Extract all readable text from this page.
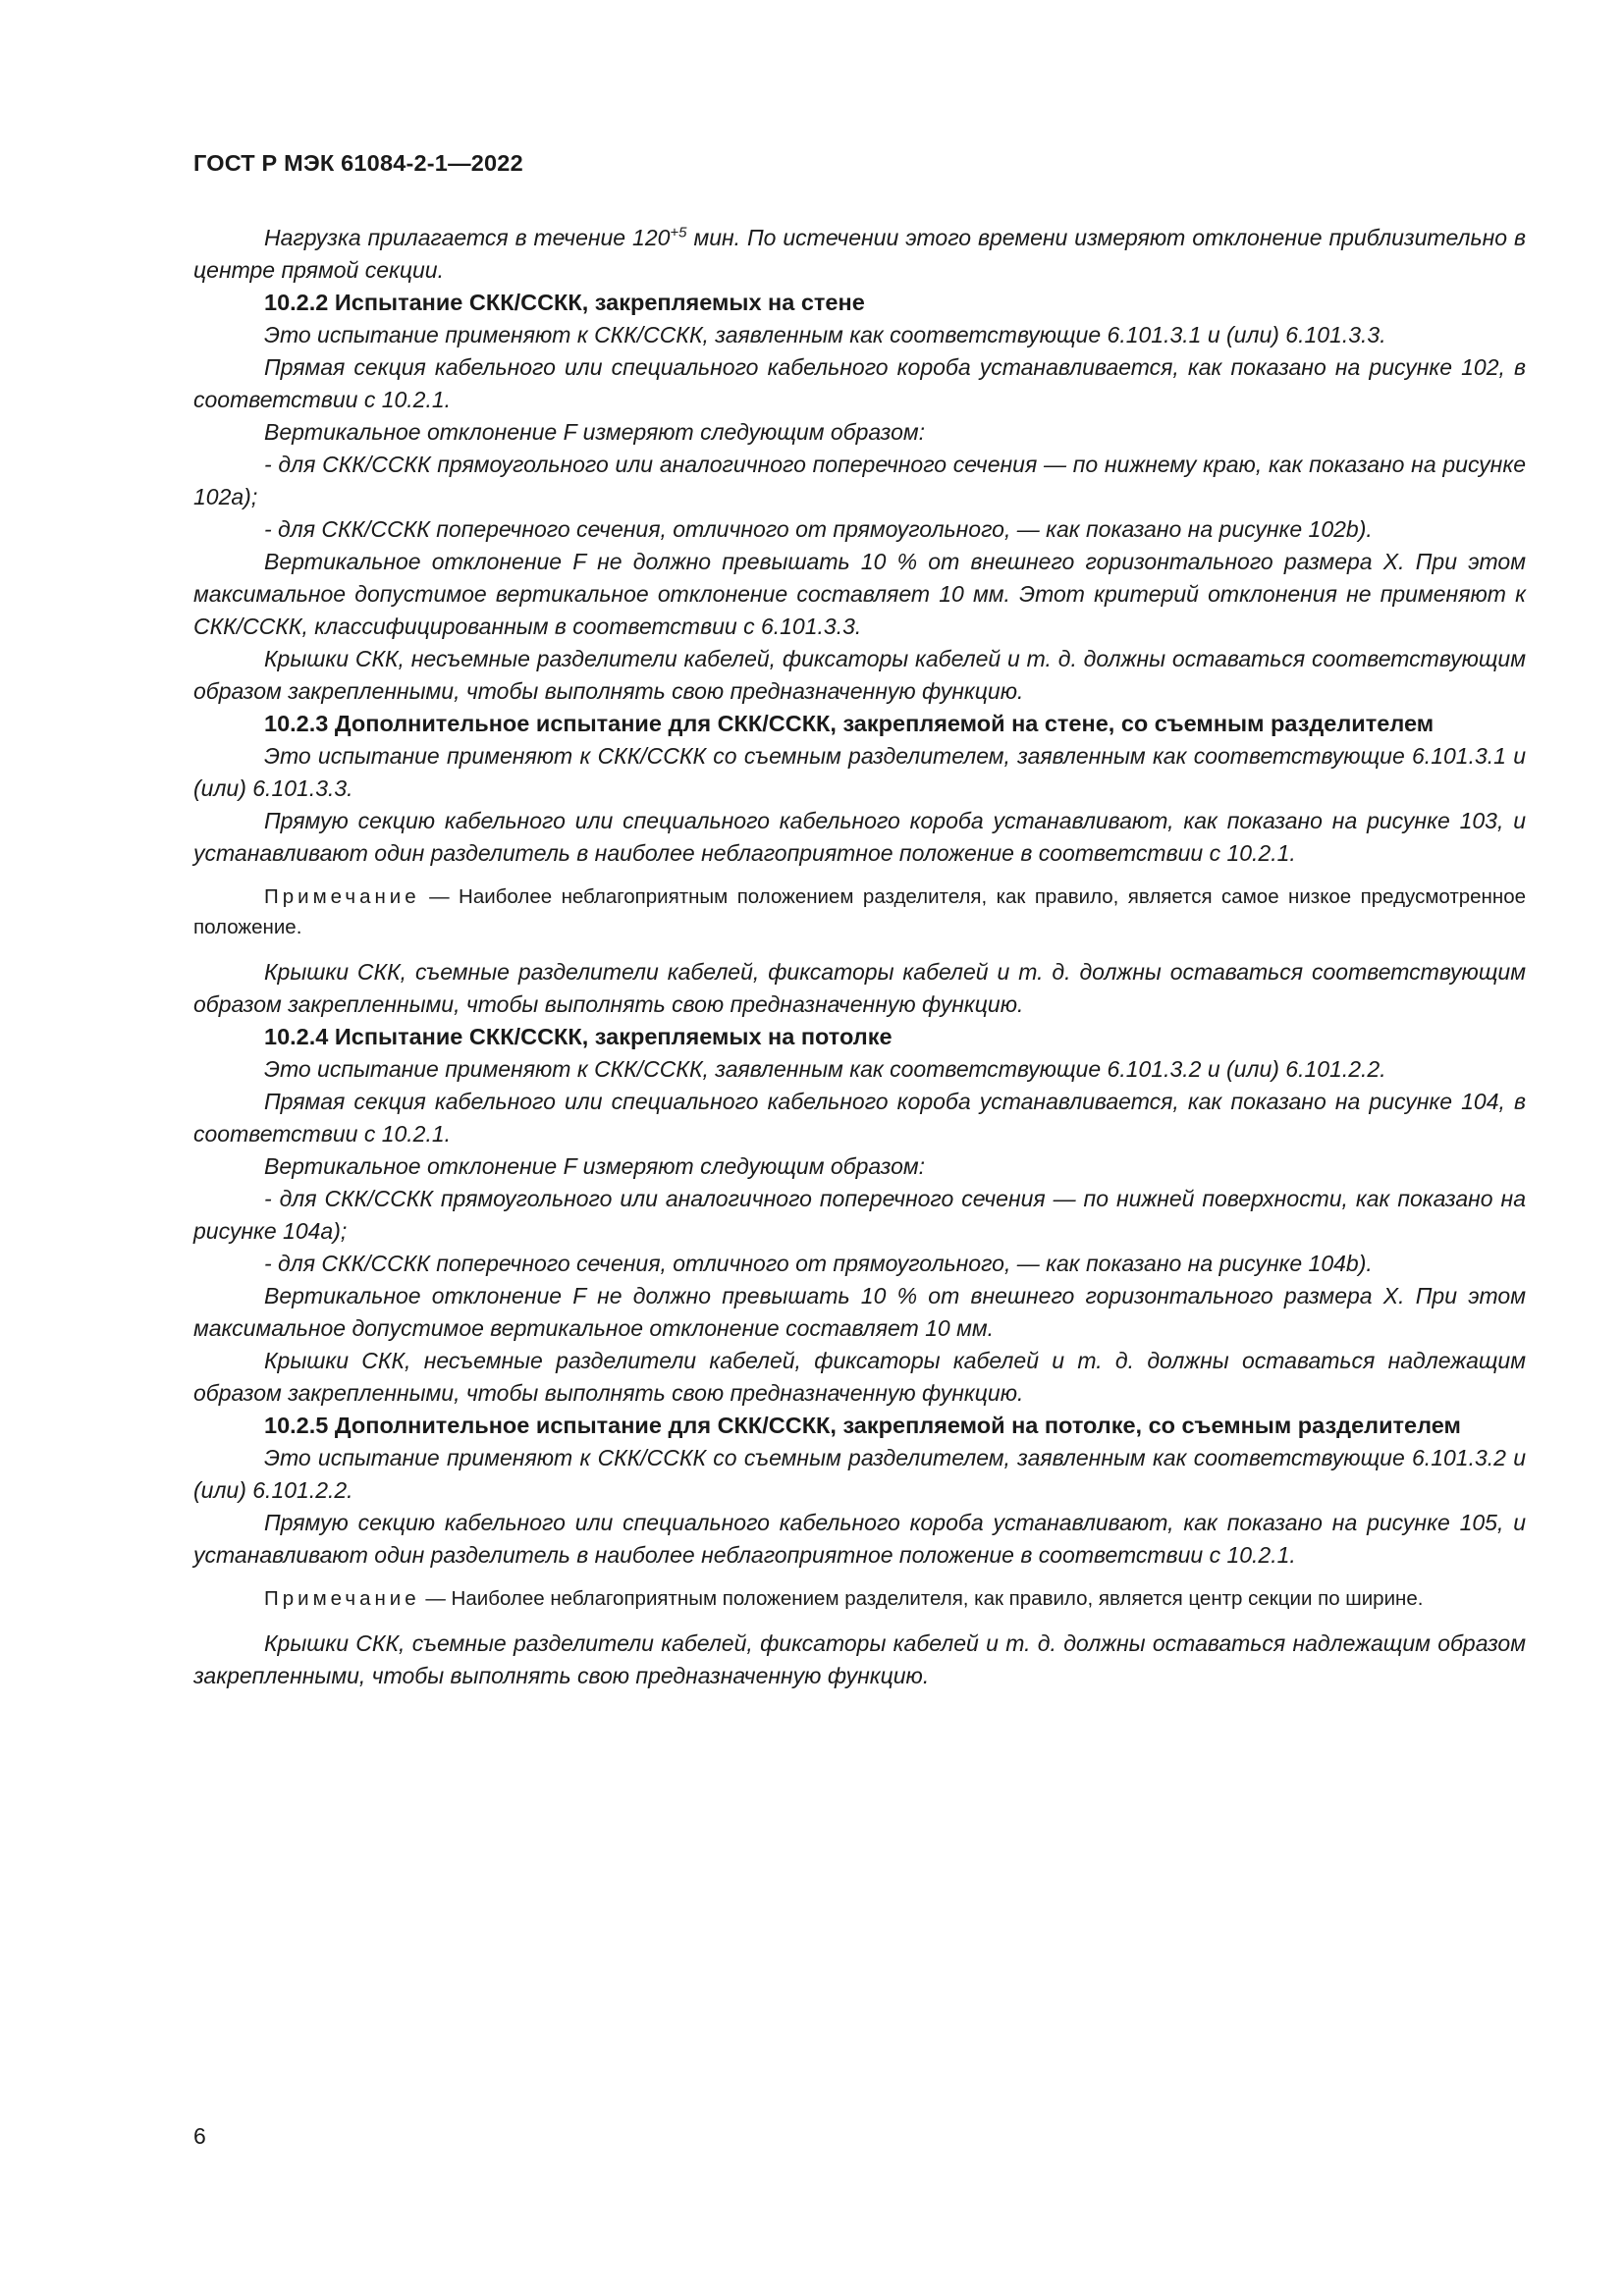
ГОСТ Р МЭК 61084-2-1—2022

Нагрузка прилагается в течение $120^{+5}$ мин. По истечении этого времени измеряют отклонение приблизительно в центре прямой секции.

10.2.2 Испытание СКК/ССКК, закрепляемых на стене

Это испытание применяют к СКК/ССКК, заявленным как соответствующие 6.101.3.1 и (или) 6.101.3.3.

Прямая секция кабельного или специального кабельного короба устанавливается, как показано на рисунке 102, в соответствии с 10.2.1.

Вертикальное отклонение F измеряют следующим образом:

- для СКК/ССКК прямоугольного или аналогичного поперечного сечения — по нижнему краю, как показано на рисунке 102a);

- для СКК/ССКК поперечного сечения, отличного от прямоугольного, — как показано на рисунке 102b).

Вертикальное отклонение F не должно превышать 10 % от внешнего горизонтального размера X. При этом максимальное допустимое вертикальное отклонение составляет 10 мм. Этот критерий отклонения не применяют к СКК/ССКК, классифицированным в соответствии с 6.101.3.3.

Крышки СКК, несъемные разделители кабелей, фиксаторы кабелей и т. д. должны оставаться соответствующим образом закрепленными, чтобы выполнять свою предназначенную функцию.

10.2.3 Дополнительное испытание для СКК/ССКК, закрепляемой на стене, со съемным разделителем

Это испытание применяют к СКК/ССКК со съемным разделителем, заявленным как соответствующие 6.101.3.1 и (или) 6.101.3.3.

Прямую секцию кабельного или специального кабельного короба устанавливают, как показано на рисунке 103, и устанавливают один разделитель в наиболее неблагоприятное положение в соответствии с 10.2.1.

Примечание — Наиболее неблагоприятным положением разделителя, как правило, является самое низкое предусмотренное положение.

Крышки СКК, съемные разделители кабелей, фиксаторы кабелей и т. д. должны оставаться соответствующим образом закрепленными, чтобы выполнять свою предназначенную функцию.

10.2.4 Испытание СКК/ССКК, закрепляемых на потолке

Это испытание применяют к СКК/ССКК, заявленным как соответствующие 6.101.3.2 и (или) 6.101.2.2.

Прямая секция кабельного или специального кабельного короба устанавливается, как показано на рисунке 104, в соответствии с 10.2.1.

Вертикальное отклонение F измеряют следующим образом:

- для СКК/ССКК прямоугольного или аналогичного поперечного сечения — по нижней поверхности, как показано на рисунке 104a);

- для СКК/ССКК поперечного сечения, отличного от прямоугольного, — как показано на рисунке 104b).

Вертикальное отклонение F не должно превышать 10 % от внешнего горизонтального размера X. При этом максимальное допустимое вертикальное отклонение составляет 10 мм.

Крышки СКК, несъемные разделители кабелей, фиксаторы кабелей и т. д. должны оставаться надлежащим образом закрепленными, чтобы выполнять свою предназначенную функцию.

10.2.5 Дополнительное испытание для СКК/ССКК, закрепляемой на потолке, со съемным разделителем

Это испытание применяют к СКК/ССКК со съемным разделителем, заявленным как соответствующие 6.101.3.2 и (или) 6.101.2.2.

Прямую секцию кабельного или специального кабельного короба устанавливают, как показано на рисунке 105, и устанавливают один разделитель в наиболее неблагоприятное положение в соответствии с 10.2.1.

Примечание — Наиболее неблагоприятным положением разделителя, как правило, является центр секции по ширине.

Крышки СКК, съемные разделители кабелей, фиксаторы кабелей и т. д. должны оставаться надлежащим образом закрепленными, чтобы выполнять свою предназначенную функцию.

6
